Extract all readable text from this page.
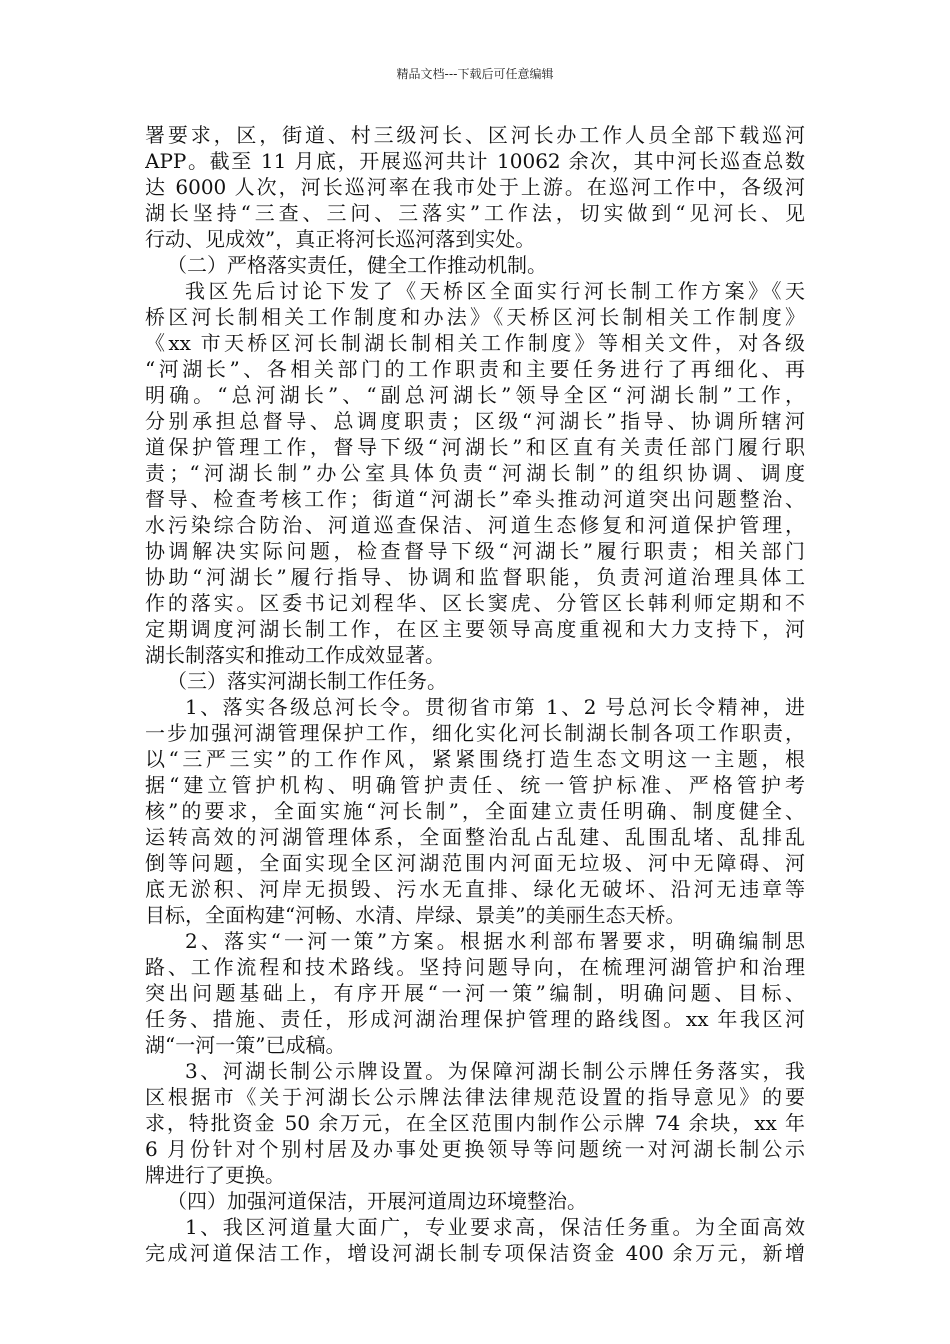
精品文档---下载后可任意编辑
署要求，区，街道、村三级河长、区河长办工作人员全部下载巡河
APP。截至 11 月底，开展巡河共计 10062 余次，其中河长巡查总数
达 6000 人次，河长巡河率在我市处于上游。在巡河工作中，各级河
湖长坚持“三查、三问、三落实”工作法，切实做到“见河长、见
行动、见成效”，真正将河长巡河落到实处。
（二）严格落实责任，健全工作推动机制。
我区先后讨论下发了《天桥区全面实行河长制工作方案》《天
桥区河长制相关工作制度和办法》《天桥区河长制相关工作制度》
《xx 市天桥区河长制湖长制相关工作制度》等相关文件，对各级
“河湖长”、各相关部门的工作职责和主要任务进行了再细化、再
明确。“总河湖长”、“副总河湖长”领导全区“河湖长制”工作，
分别承担总督导、总调度职责；区级“河湖长”指导、协调所辖河
道保护管理工作，督导下级“河湖长”和区直有关责任部门履行职
责；“河湖长制”办公室具体负责“河湖长制”的组织协调、调度
督导、检查考核工作；街道“河湖长”牵头推动河道突出问题整治、
水污染综合防治、河道巡查保洁、河道生态修复和河道保护管理，
协调解决实际问题，检查督导下级“河湖长”履行职责；相关部门
协助“河湖长”履行指导、协调和监督职能，负责河道治理具体工
作的落实。区委书记刘程华、区长窦虎、分管区长韩利师定期和不
定期调度河湖长制工作，在区主要领导高度重视和大力支持下，河
湖长制落实和推动工作成效显著。
（三）落实河湖长制工作任务。
1、落实各级总河长令。贯彻省市第 1、2 号总河长令精神，进
一步加强河湖管理保护工作，细化实化河长制湖长制各项工作职责，
以“三严三实”的工作作风，紧紧围绕打造生态文明这一主题，根
据“建立管护机构、明确管护责任、统一管护标准、严格管护考
核”的要求，全面实施“河长制”，全面建立责任明确、制度健全、
运转高效的河湖管理体系，全面整治乱占乱建、乱围乱堵、乱排乱
倒等问题，全面实现全区河湖范围内河面无垃圾、河中无障碍、河
底无淤积、河岸无损毁、污水无直排、绿化无破坏、沿河无违章等
目标，全面构建“河畅、水清、岸绿、景美”的美丽生态天桥。
2、落实“一河一策”方案。根据水利部布署要求，明确编制思
路、工作流程和技术路线。坚持问题导向，在梳理河湖管护和治理
突出问题基础上，有序开展“一河一策”编制，明确问题、目标、
任务、措施、责任，形成河湖治理保护管理的路线图。xx 年我区河
湖“一河一策”已成稿。
3、河湖长制公示牌设置。为保障河湖长制公示牌任务落实，我
区根据市《关于河湖长公示牌法律法律规范设置的指导意见》的要
求，特批资金 50 余万元，在全区范围内制作公示牌 74 余块，xx 年
6 月份针对个别村居及办事处更换领导等问题统一对河湖长制公示
牌进行了更换。
（四）加强河道保洁，开展河道周边环境整治。
1、我区河道量大面广，专业要求高，保洁任务重。为全面高效
完成河道保洁工作，增设河湖长制专项保洁资金 400 余万元，新增
